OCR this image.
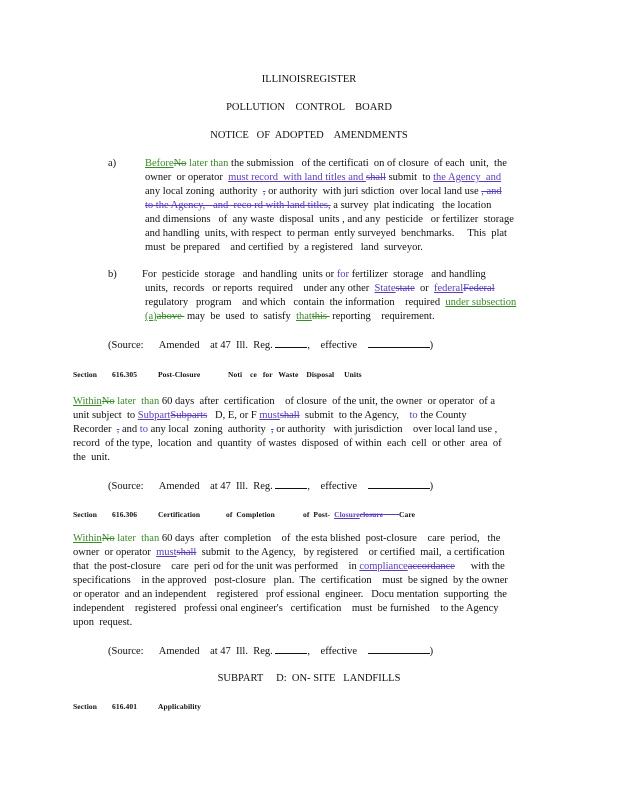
ILLINOISREGISTER
POLLUTION    CONTROL    BOARD
NOTICE   OF  ADOPTED    AMENDMENTS
a)	BeforeNo later than the submission   of the certificati  on of closure  of each  unit,  the
owner  or operator  must record  with land titles and shall submit  to the Agency  and
any local zoning  authority  , or authority  with juri sdiction  over local land use , and
to the Agency,   and  reco rd with land titles, a survey  plat indicating   the location
and dimensions   of  any waste  disposal  units , and any  pesticide   or fertilizer  storage
and handling  units, with respect  to perman  ently surveyed  benchmarks.     This  plat
must  be prepared    and certified  by  a registered   land  surveyor.
b) For  pesticide  storage   and handling  units or for fertilizer  storage   and handling
units,  records   or reports  required    under any other  Statestate  or  federalFederal
regulatory   program    and which   contain  the information    required  under subsection
(a)above  may  be  used  to  satisfy  thatthis  reporting    requirement.
(Source: Amended    at 47  Ill.  Reg.	,    effective	)
Section 616.305	Post-Closure	Noti    ce   for   Waste    Disposal     Units
WithinNo later  than 60 days  after  certification    of closure  of the unit, the owner  or operator  of a
unit subject  to SubpartSubparts   D, E, or F mustshall  submit  to the Agency,    to the County
Recorder  , and to any local  zoning  authority  , or authority   with jurisdiction    over local land use ,
record  of the type,  location  and  quantity  of wastes  disposed  of within  each  cell  or other  area  of
the  unit.
(Source: Amended    at 47  Ill.  Reg.	,    effective	)
Section 616.306	Certification	of  Completion	of  Post- Closureclosure Care
WithinNo later  than 60 days  after  completion    of  the esta blished  post-closure    care  period,   the
owner  or operator  mustshall  submit  to the Agency,   by registered    or certified  mail,  a certification
that  the post-closure    care  peri od for the unit was performed    in complianceaccordance      with the
specifications    in the approved   post-closure   plan.  The  certification    must  be signed  by the owner
or operator  and an independent    registered   prof essional  engineer.   Docu mentation  supporting  the
independent    registered   professi onal engineer's   certification    must  be furnished    to the Agency
upon  request.
(Source: Amended    at 47  Ill.  Reg.	,    effective	)
SUBPART     D:  ON- SITE   LANDFILLS
Section 616.401	Applicability
